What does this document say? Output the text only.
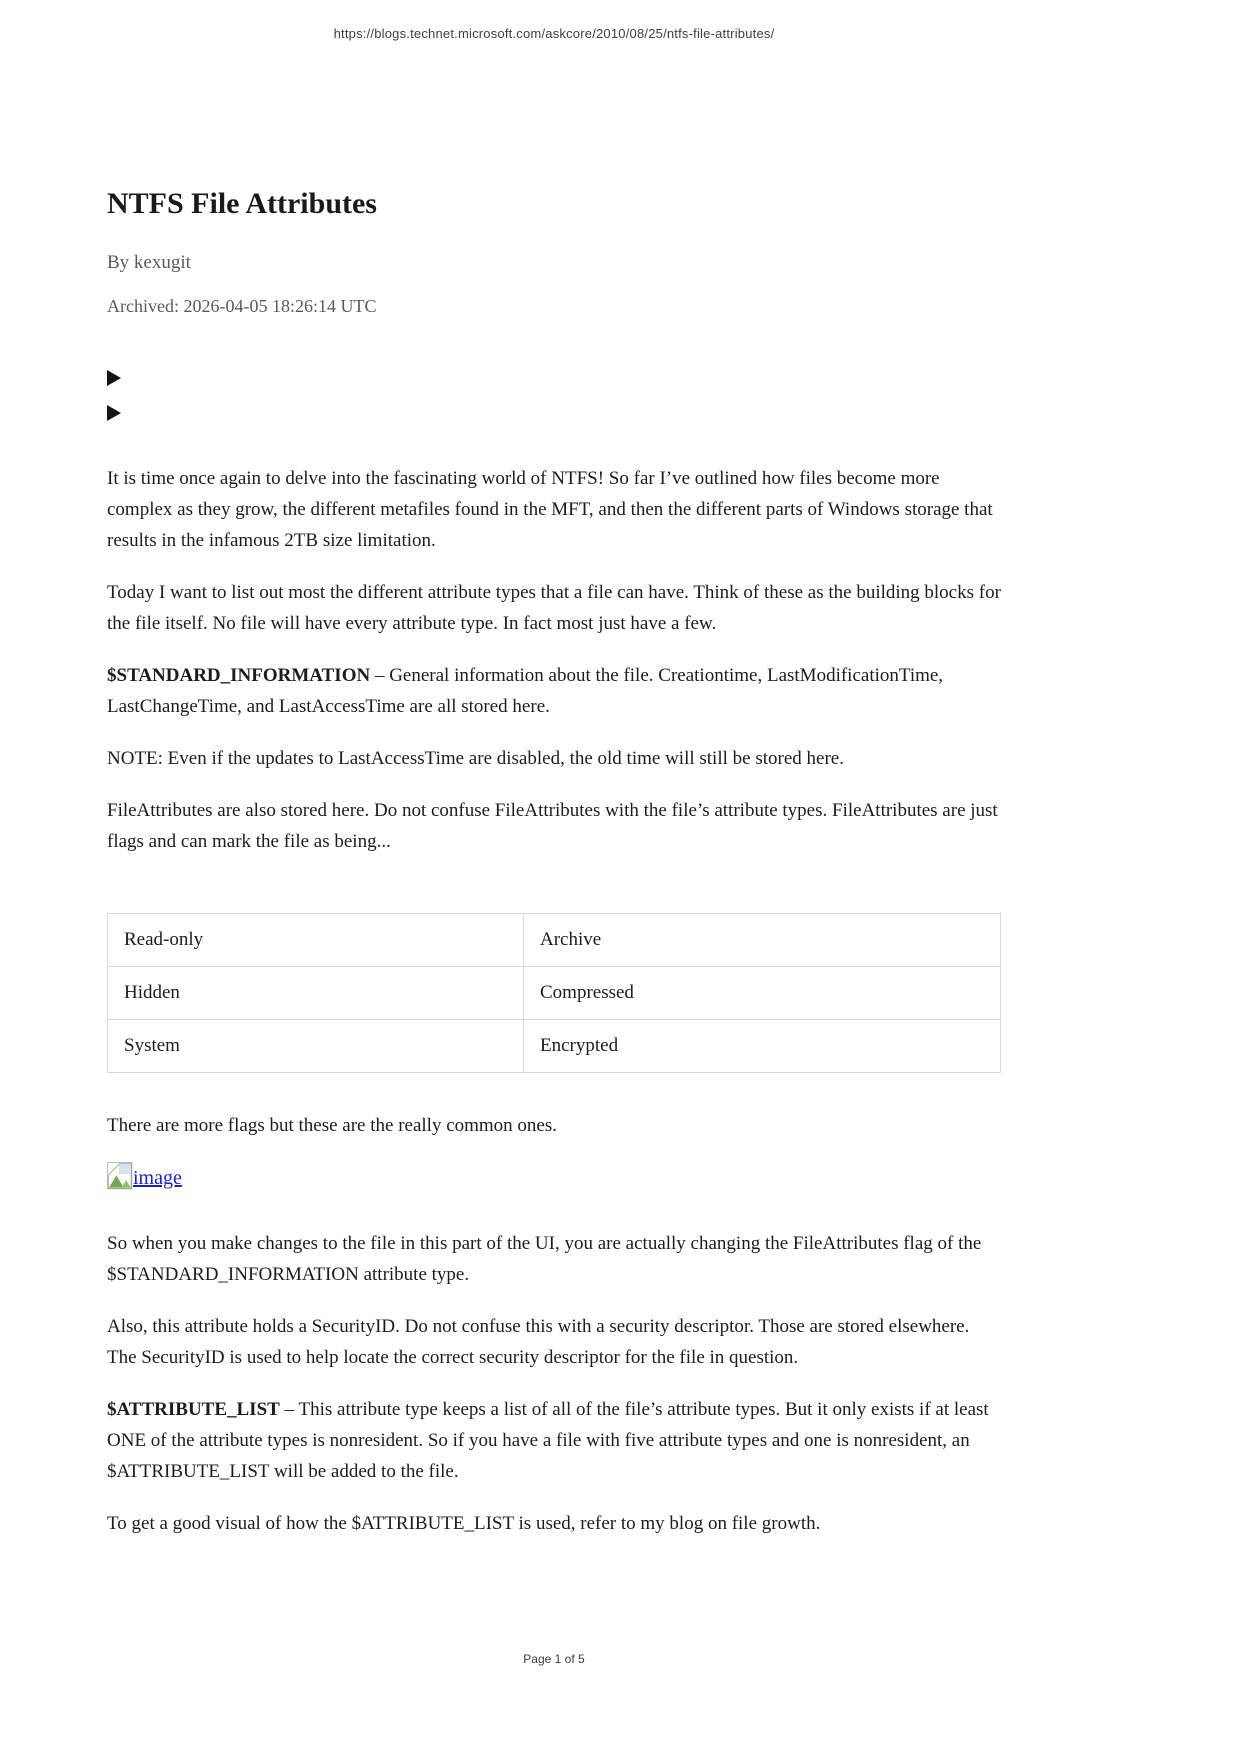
https://blogs.technet.microsoft.com/askcore/2010/08/25/ntfs-file-attributes/
NTFS File Attributes

By kexugit

Archived: 2026-04-05 18:26:14 UTC

It is time once again to delve into the fascinating world of NTFS! So far I’ve outlined how files become more complex as they grow, the different metafiles found in the MFT, and then the different parts of Windows storage that results in the infamous 2TB size limitation.

Today I want to list out most the different attribute types that a file can have. Think of these as the building blocks for the file itself. No file will have every attribute type. In fact most just have a few.

$STANDARD_INFORMATION – General information about the file. Creationtime, LastModificationTime, LastChangeTime, and LastAccessTime are all stored here.

NOTE: Even if the updates to LastAccessTime are disabled, the old time will still be stored here.

FileAttributes are also stored here. Do not confuse FileAttributes with the file’s attribute types. FileAttributes are just flags and can mark the file as being...

Read-only	Archive
Hidden	Compressed
System	Encrypted

There are more flags but these are the really common ones.

image

So when you make changes to the file in this part of the UI, you are actually changing the FileAttributes flag of the $STANDARD_INFORMATION attribute type.

Also, this attribute holds a SecurityID. Do not confuse this with a security descriptor. Those are stored elsewhere. The SecurityID is used to help locate the correct security descriptor for the file in question.

$ATTRIBUTE_LIST – This attribute type keeps a list of all of the file’s attribute types. But it only exists if at least ONE of the attribute types is nonresident. So if you have a file with five attribute types and one is nonresident, an $ATTRIBUTE_LIST will be added to the file.

To get a good visual of how the $ATTRIBUTE_LIST is used, refer to my blog on file growth.

Page 1 of 5
